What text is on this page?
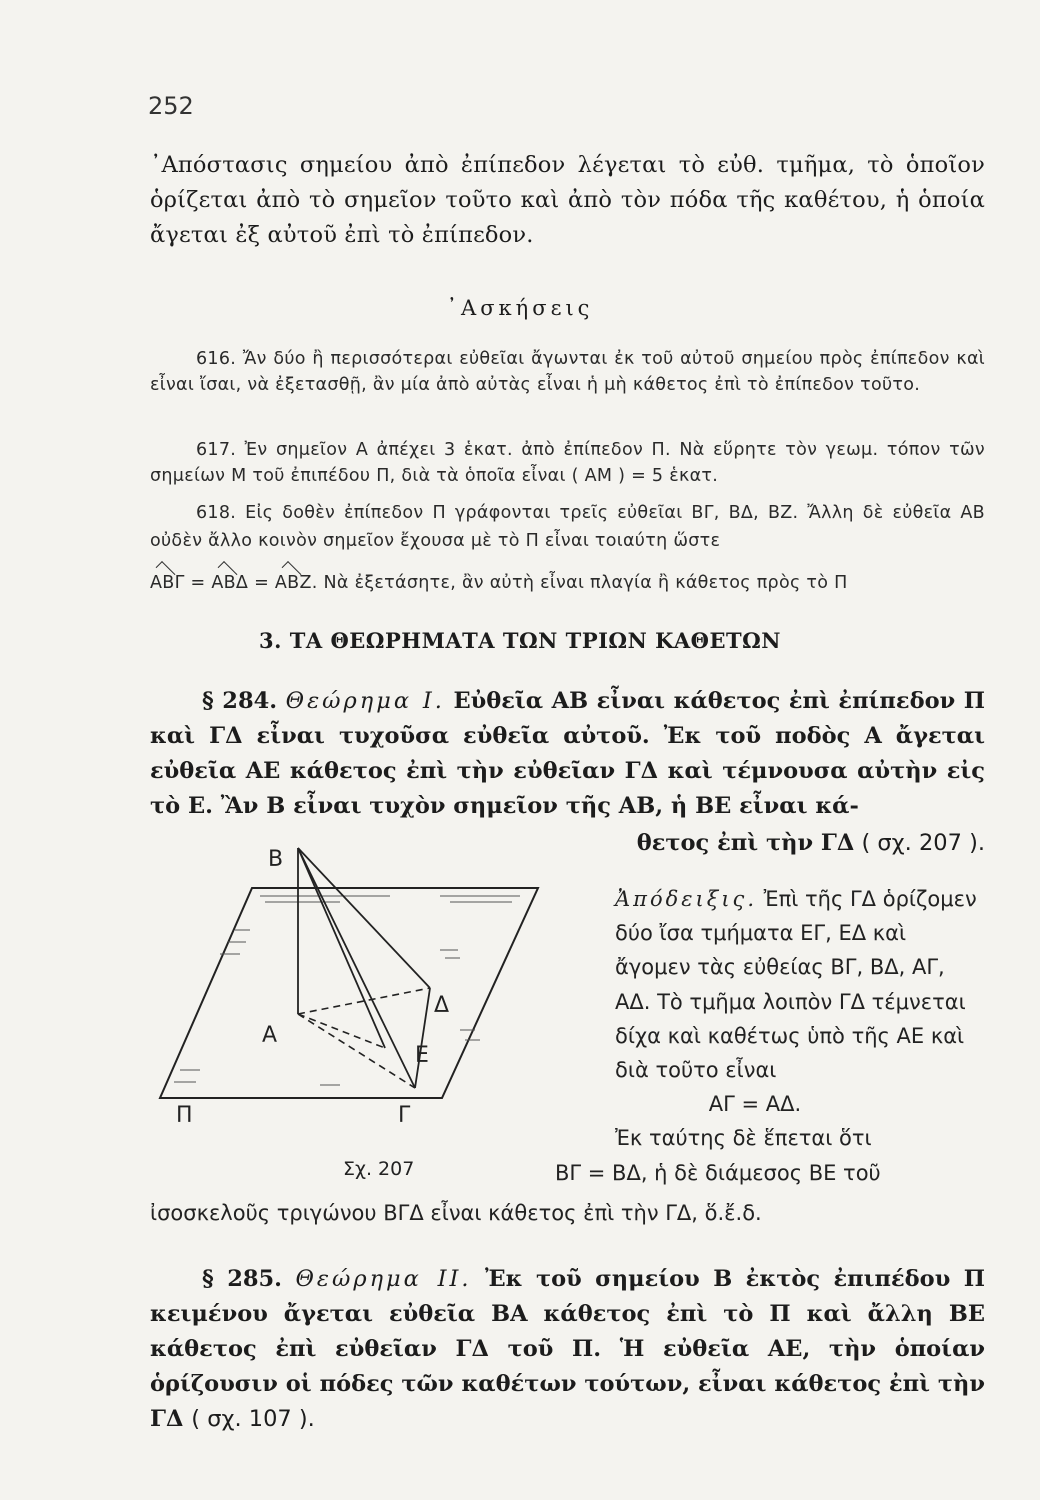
252
᾿Απόστασις σημείου ἀπὸ ἐπίπεδον λέγεται τὸ εὐθ. τμῆμα, τὸ ὁποῖον ὁρίζεται ἀπὸ τὸ σημεῖον τοῦτο καὶ ἀπὸ τὸν πόδα τῆς καθέτου, ἡ ὁποία ἄγεται ἐξ αὐτοῦ ἐπὶ τὸ ἐπίπεδον.
᾿Ασκήσεις
616. Ἄν δύο ἢ περισσότεραι εὐθεῖαι ἄγωνται ἐκ τοῦ αὐτοῦ σημείου πρὸς ἐπίπεδον καὶ εἶναι ἴσαι, νὰ ἐξετασθῇ, ἂν μία ἀπὸ αὐτὰς εἶναι ἡ μὴ κάθετος ἐπὶ τὸ ἐπίπεδον τοῦτο.
617. Ἐν σημεῖον Α ἀπέχει 3 ἑκατ. ἀπὸ ἐπίπεδον Π. Νὰ εὕρητε τὸν γεωμ. τόπον τῶν σημείων Μ τοῦ ἐπιπέδου Π, διὰ τὰ ὁποῖα εἶναι ( ΑΜ ) = 5 ἑκατ.
618. Εἰς δοθὲν ἐπίπεδον Π γράφονται τρεῖς εὐθεῖαι ΒΓ, ΒΔ, ΒΖ. Ἄλλη δὲ εὐθεῖα ΑΒ οὐδὲν ἄλλο κοινὸν σημεῖον ἔχουσα μὲ τὸ Π εἶναι τοιαύτη ὥστε
ΑΒΓ = ΑΒΔ = ΑΒΖ. Νὰ ἐξετάσητε, ἂν αὐτὴ εἶναι πλαγία ἢ κάθετος πρὸς τὸ Π
3. ΤΑ ΘΕΩΡΗΜΑΤΑ ΤΩΝ ΤΡΙΩΝ ΚΑΘΕΤΩΝ
§ 284. Θεώρημα Ι. Εὐθεῖα ΑΒ εἶναι κάθετος ἐπὶ ἐπίπεδον Π καὶ ΓΔ εἶναι τυχοῦσα εὐθεῖα αὐτοῦ. Ἐκ τοῦ ποδὸς Α ἄγεται εὐθεῖα ΑΕ κάθετος ἐπὶ τὴν εὐθεῖαν ΓΔ καὶ τέμνουσα αὐτὴν εἰς τὸ Ε. Ἂν Β εἶναι τυχὸν σημεῖον τῆς ΑΒ, ἡ ΒΕ εἶναι κά-
θετος ἐπὶ τὴν ΓΔ ( σχ. 207 ).
Β
Α
Δ
Ε
Γ
Π
Σχ. 207

Ἀπόδειξις. Ἐπὶ τῆς ΓΔ ὁρίζομεν δύο ἴσα τμήματα ΕΓ, ΕΔ καὶ ἄγομεν τὰς εὐθείας ΒΓ, ΒΔ, ΑΓ, ΑΔ. Τὸ τμῆμα λοιπὸν ΓΔ τέμνεται δίχα καὶ καθέτως ὑπὸ τῆς ΑΕ καὶ διὰ τοῦτο εἶναι

ΑΓ = ΑΔ.

Ἐκ ταύτης δὲ ἕπεται ὅτι

ΒΓ = ΒΔ, ἡ δὲ διάμεσος ΒΕ τοῦ

ἰσοσκελοῦς τριγώνου ΒΓΔ εἶναι κάθετος ἐπὶ τὴν ΓΔ, ὅ.ἔ.δ.
§ 285. Θεώρημα ΙΙ. Ἐκ τοῦ σημείου Β ἐκτὸς ἐπιπέδου Π κειμένου ἄγεται εὐθεῖα ΒΑ κάθετος ἐπὶ τὸ Π καὶ ἄλλη ΒΕ κάθετος ἐπὶ εὐθεῖαν ΓΔ τοῦ Π. Ἡ εὐθεῖα ΑΕ, τὴν ὁποίαν ὁρίζουσιν οἱ πόδες τῶν καθέτων τούτων, εἶναι κάθετος ἐπὶ τὴν ΓΔ ( σχ. 107 ).
